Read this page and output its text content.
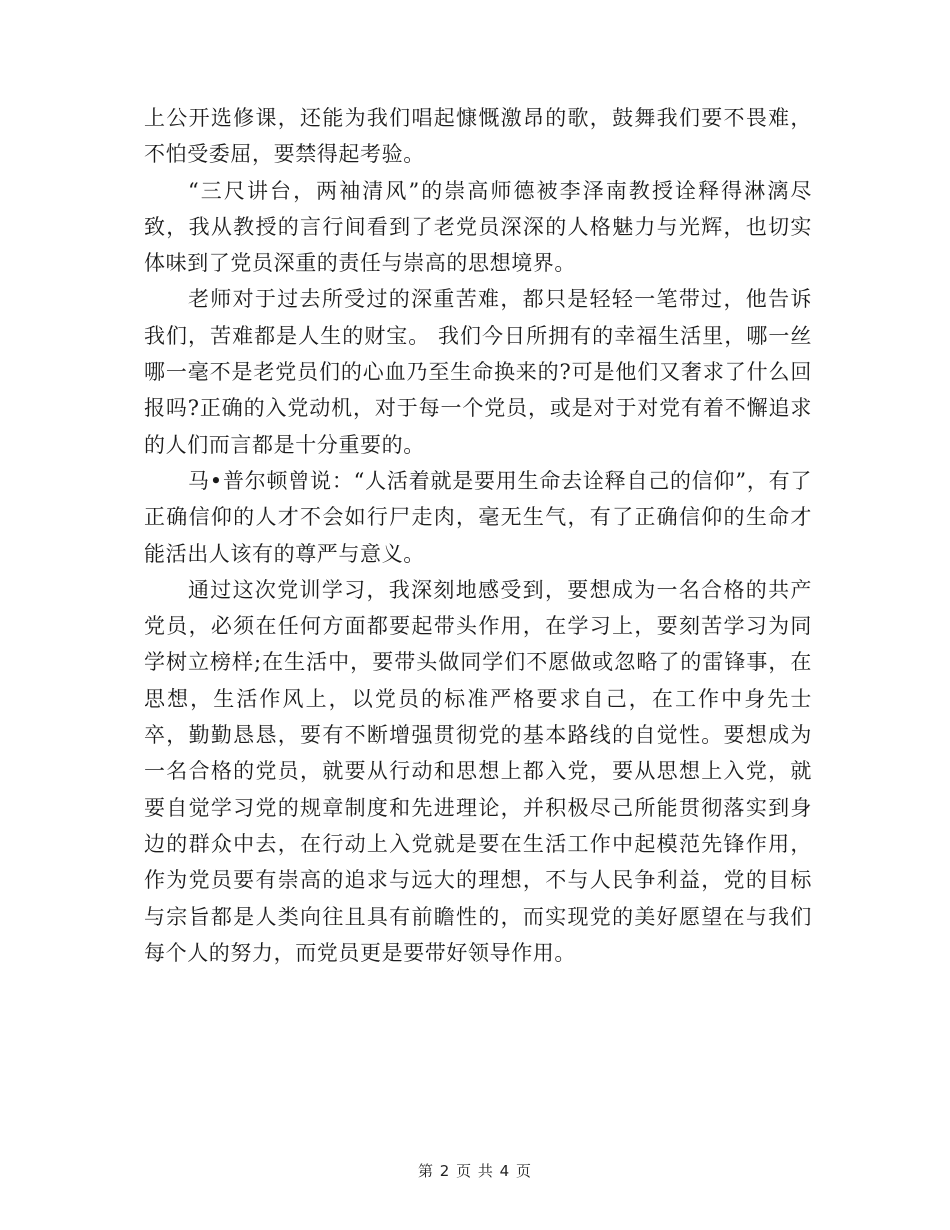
上公开选修课，还能为我们唱起慷慨激昂的歌，鼓舞我们要不畏难，不怕受委屈，要禁得起考验。

“三尺讲台，两袖清风”的崇高师德被李泽南教授诠释得淋漓尽致，我从教授的言行间看到了老党员深深的人格魅力与光辉，也切实体味到了党员深重的责任与崇高的思想境界。

老师对于过去所受过的深重苦难，都只是轻轻一笔带过，他告诉我们，苦难都是人生的财宝。 我们今日所拥有的幸福生活里，哪一丝哪一毫不是老党员们的心血乃至生命换来的?可是他们又奢求了什么回报吗?正确的入党动机，对于每一个党员，或是对于对党有着不懈追求的人们而言都是十分重要的。

马•普尔顿曾说：“人活着就是要用生命去诠释自己的信仰”，有了正确信仰的人才不会如行尸走肉，毫无生气，有了正确信仰的生命才能活出人该有的尊严与意义。

通过这次党训学习，我深刻地感受到，要想成为一名合格的共产党员，必须在任何方面都要起带头作用，在学习上，要刻苦学习为同学树立榜样;在生活中，要带头做同学们不愿做或忽略了的雷锋事，在思想，生活作风上，以党员的标准严格要求自己，在工作中身先士卒，勤勤恳恳，要有不断增强贯彻党的基本路线的自觉性。要想成为一名合格的党员，就要从行动和思想上都入党，要从思想上入党，就要自觉学习党的规章制度和先进理论，并积极尽己所能贯彻落实到身边的群众中去，在行动上入党就是要在生活工作中起模范先锋作用，作为党员要有崇高的追求与远大的理想，不与人民争利益，党的目标与宗旨都是人类向往且具有前瞻性的，而实现党的美好愿望在与我们每个人的努力，而党员更是要带好领导作用。

第 2 页 共 4 页
